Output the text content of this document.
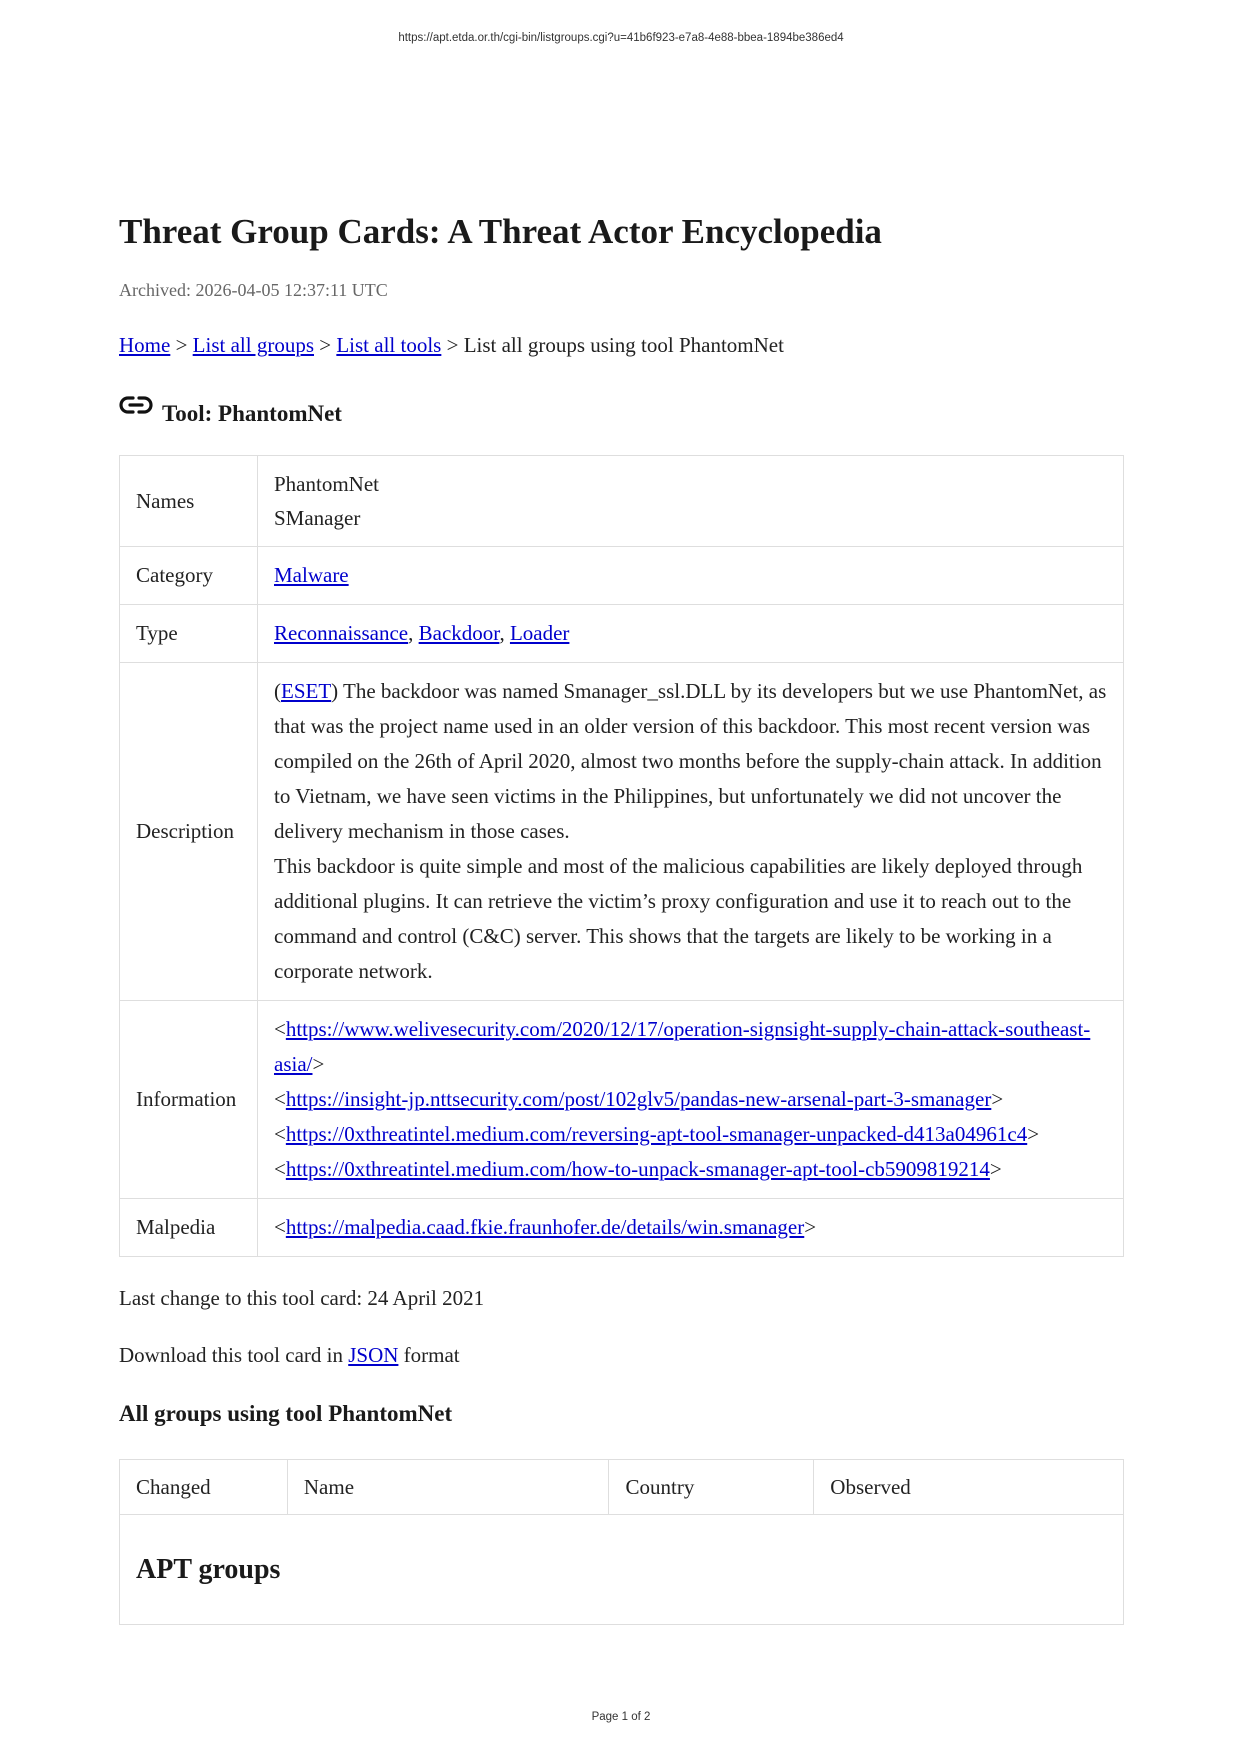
https://apt.etda.or.th/cgi-bin/listgroups.cgi?u=41b6f923-e7a8-4e88-bbea-1894be386ed4
Threat Group Cards: A Threat Actor Encyclopedia
Archived: 2026-04-05 12:37:11 UTC
Home > List all groups > List all tools > List all groups using tool PhantomNet
Tool: PhantomNet
Names	PhantomNet
SManager

Category	Malware
Type	Reconnaissance, Backdoor, Loader
Description	(ESET) The backdoor was named Smanager_ssl.DLL by its developers but we use PhantomNet, as that was the project name used in an older version of this backdoor. This most recent version was compiled on the 26th of April 2020, almost two months before the supply-chain attack. In addition to Vietnam, we have seen victims in the Philippines, but unfortunately we did not uncover the delivery mechanism in those cases.
This backdoor is quite simple and most of the malicious capabilities are likely deployed through additional plugins. It can retrieve the victim’s proxy configuration and use it to reach out to the command and control (C&C) server. This shows that the targets are likely to be working in a corporate network.

Information	<https://www.welivesecurity.com/2020/12/17/operation-signsight-supply-chain-attack-southeast-asia/>
<https://insight-jp.nttsecurity.com/post/102glv5/pandas-new-arsenal-part-3-smanager>
<https://0xthreatintel.medium.com/reversing-apt-tool-smanager-unpacked-d413a04961c4>
<https://0xthreatintel.medium.com/how-to-unpack-smanager-apt-tool-cb5909819214>

Malpedia	<https://malpedia.caad.fkie.fraunhofer.de/details/win.smanager>
Last change to this tool card: 24 April 2021
Download this tool card in JSON format
All groups using tool PhantomNet
Changed	Name	Country	Observed
APT groups
Page 1 of 2
